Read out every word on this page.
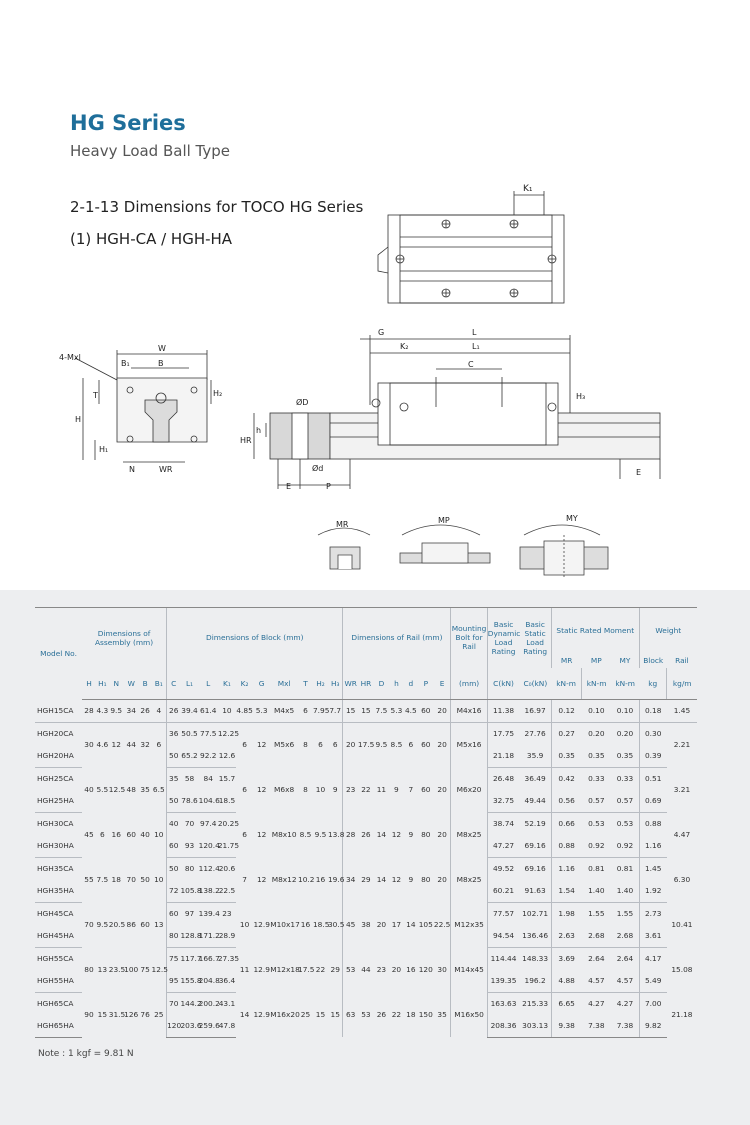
HG Series
Heavy Load Ball Type
2-1-13 Dimensions for TOCO HG Series
(1) HGH-CA / HGH-HA
K₁
4-Mxl
W
B₁	B
T	H₂
H
H₁
N	WR
G	L
K₂	L₁
C
H₃
ØD
Ød
h
HR
E	P
E
MR	MP	MY
Model No.	Dimensions of Assembly (mm)						Dimensions of Block (mm)										Dimensions of Rail (mm)							Mounting Bolt for Rail	Basic Dynamic Load Rating	Basic Static Load Rating	Static Rated Moment			Weight	
																											MR	MP	MY	Block	Rail
	H	H₁	N	W	B	B₁	C	L₁	L	K₁	K₂	G	Mxl	T	H₂	H₃	WR	HR	D	h	d	P	E	(mm)	C(kN)	C₀(kN)	kN-m	kN-m	kN-m	kg	kg/m
HGH15CA	28	4.3	9.5	34	26	4	26	39.4	61.4	10	4.85	5.3	M4x5	6	7.95	7.7	15	15	7.5	5.3	4.5	60	20	M4x16	11.38	16.97	0.12	0.10	0.10	0.18	1.45
HGH20CA	30	4.6	12	44	32	6	36	50.5	77.5	12.25	6	12	M5x6	8	6	6	20	17.5	9.5	8.5	6	60	20	M5x16	17.75	27.76	0.27	0.20	0.20	0.30	2.21
HGH20HA							50	65.2	92.2	12.6															21.18	35.9	0.35	0.35	0.35	0.39	
HGH25CA	40	5.5	12.5	48	35	6.5	35	58	84	15.7	6	12	M6x8	8	10	9	23	22	11	9	7	60	20	M6x20	26.48	36.49	0.42	0.33	0.33	0.51	3.21
HGH25HA							50	78.6	104.6	18.5															32.75	49.44	0.56	0.57	0.57	0.69	
HGH30CA	45	6	16	60	40	10	40	70	97.4	20.25	6	12	M8x10	8.5	9.5	13.8	28	26	14	12	9	80	20	M8x25	38.74	52.19	0.66	0.53	0.53	0.88	4.47
HGH30HA							60	93	120.4	21.75															47.27	69.16	0.88	0.92	0.92	1.16	
HGH35CA	55	7.5	18	70	50	10	50	80	112.4	20.6	7	12	M8x12	10.2	16	19.6	34	29	14	12	9	80	20	M8x25	49.52	69.16	1.16	0.81	0.81	1.45	6.30
HGH35HA							72	105.8	138.2	22.5															60.21	91.63	1.54	1.40	1.40	1.92	
HGH45CA	70	9.5	20.5	86	60	13	60	97	139.4	23	10	12.9	M10x17	16	18.5	30.5	45	38	20	17	14	105	22.5	M12x35	77.57	102.71	1.98	1.55	1.55	2.73	10.41
HGH45HA							80	128.8	171.2	28.9															94.54	136.46	2.63	2.68	2.68	3.61	
HGH55CA	80	13	23.5	100	75	12.5	75	117.7	166.7	27.35	11	12.9	M12x18	17.5	22	29	53	44	23	20	16	120	30	M14x45	114.44	148.33	3.69	2.64	2.64	4.17	15.08
HGH55HA							95	155.8	204.8	36.4															139.35	196.2	4.88	4.57	4.57	5.49	
HGH65CA	90	15	31.5	126	76	25	70	144.2	200.2	43.1	14	12.9	M16x20	25	15	15	63	53	26	22	18	150	35	M16x50	163.63	215.33	6.65	4.27	4.27	7.00	21.18
HGH65HA							120	203.6	259.6	47.8															208.36	303.13	9.38	7.38	7.38	9.82	
Note : 1 kgf = 9.81 N
